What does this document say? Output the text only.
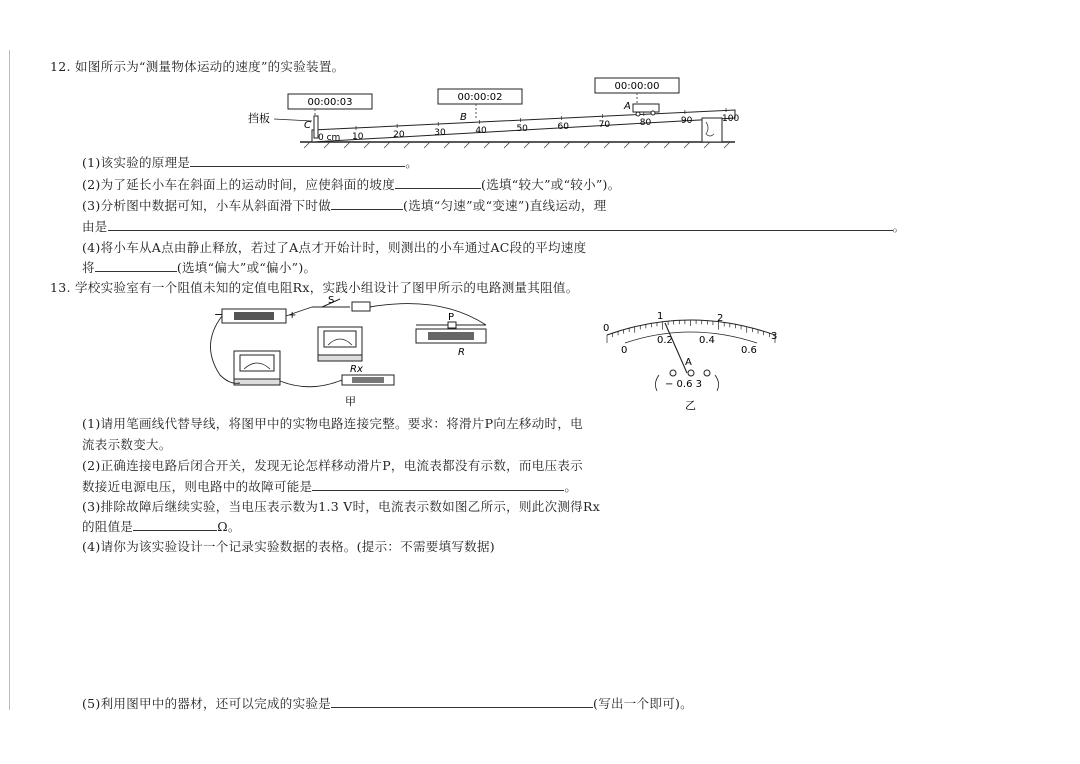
12. 如图所示为“测量物体运动的速度”的实验装置。
00:00:03	00:00:02
00:00:00
挡板
C
B
A
10	20	30	40	50	60	70	80	90	100
0 cm
(1)该实验的原理是	。
(2)为了延长小车在斜面上的运动时间，应使斜面的坡度	(选填“较大”或“较小”)。
(3)分析图中数据可知，小车从斜面滑下时做	(选填“匀速”或“变速”)直线运动，理
由是	。
(4)将小车从A点由静止释放，若过了A点才开始计时，则测出的小车通过AC段的平均速度
将	(选填“偏大”或“偏小”)。
13. 学校实验室有一个阻值未知的定值电阻Rx，实践小组设计了图甲所示的电路测量其阻值。
−	+
S
P
R
Rx
甲
0
1	2
3
0
0.2	0.4
0.6
A
− 0.6 3
乙
(1)请用笔画线代替导线，将图甲中的实物电路连接完整。要求：将滑片P向左移动时，电
流表示数变大。
(2)正确连接电路后闭合开关，发现无论怎样移动滑片P，电流表都没有示数，而电压表示
数接近电源电压，则电路中的故障可能是	。
(3)排除故障后继续实验，当电压表示数为1.3 V时，电流表示数如图乙所示，则此次测得Rx
的阻值是	Ω。
(4)请你为该实验设计一个记录实验数据的表格。(提示：不需要填写数据)
(5)利用图甲中的器材，还可以完成的实验是	(写出一个即可)。
